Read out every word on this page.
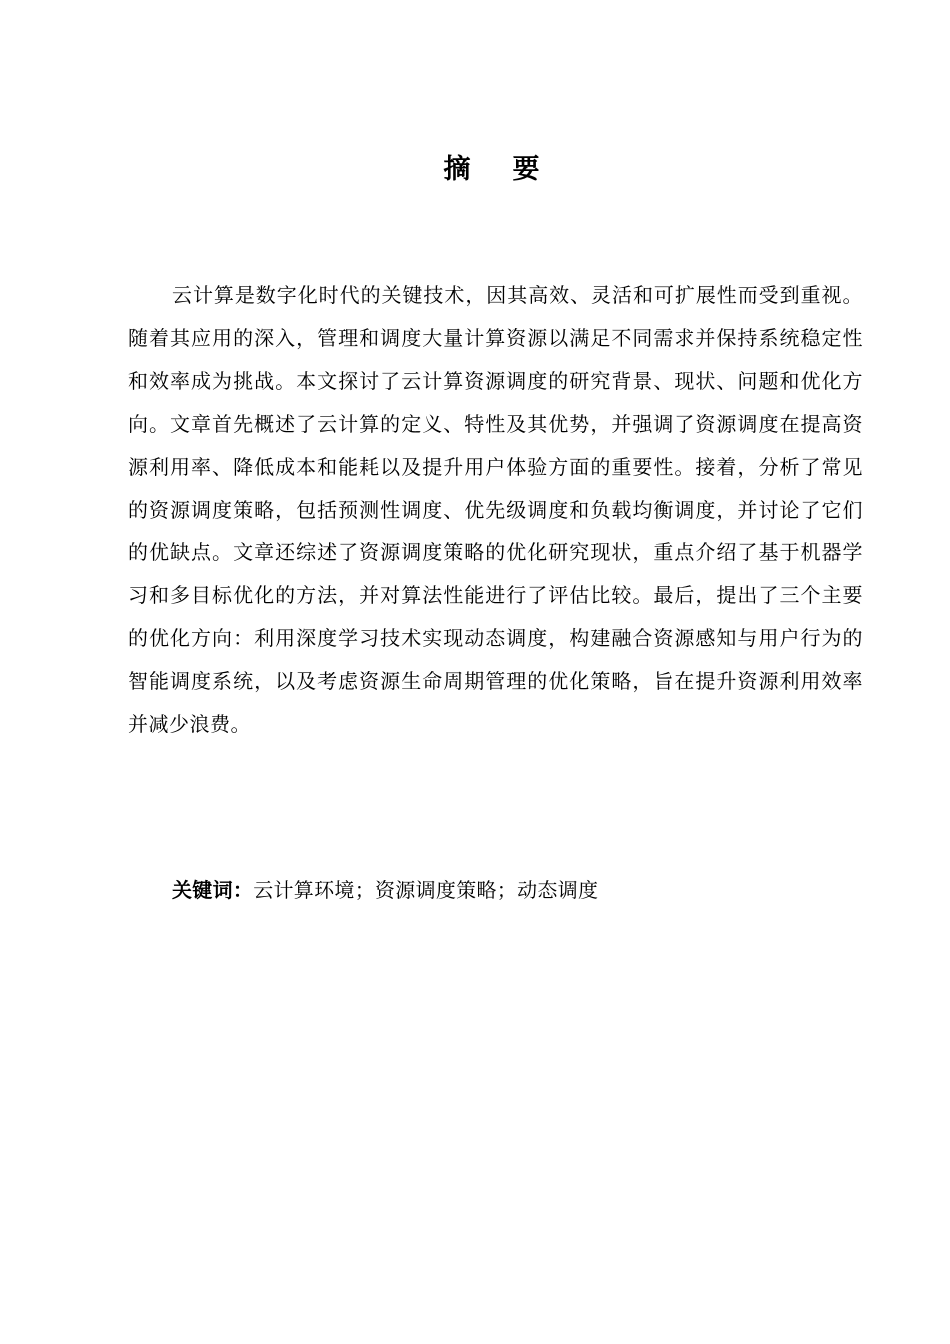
摘 要

云计算是数字化时代的关键技术，因其高效、灵活和可扩展性而受到重视。随着其应用的深入，管理和调度大量计算资源以满足不同需求并保持系统稳定性和效率成为挑战。本文探讨了云计算资源调度的研究背景、现状、问题和优化方向。文章首先概述了云计算的定义、特性及其优势，并强调了资源调度在提高资源利用率、降低成本和能耗以及提升用户体验方面的重要性。接着，分析了常见的资源调度策略，包括预测性调度、优先级调度和负载均衡调度，并讨论了它们的优缺点。文章还综述了资源调度策略的优化研究现状，重点介绍了基于机器学习和多目标优化的方法，并对算法性能进行了评估比较。最后，提出了三个主要的优化方向：利用深度学习技术实现动态调度，构建融合资源感知与用户行为的智能调度系统，以及考虑资源生命周期管理的优化策略，旨在提升资源利用效率并减少浪费。

关键词：云计算环境；资源调度策略；动态调度
